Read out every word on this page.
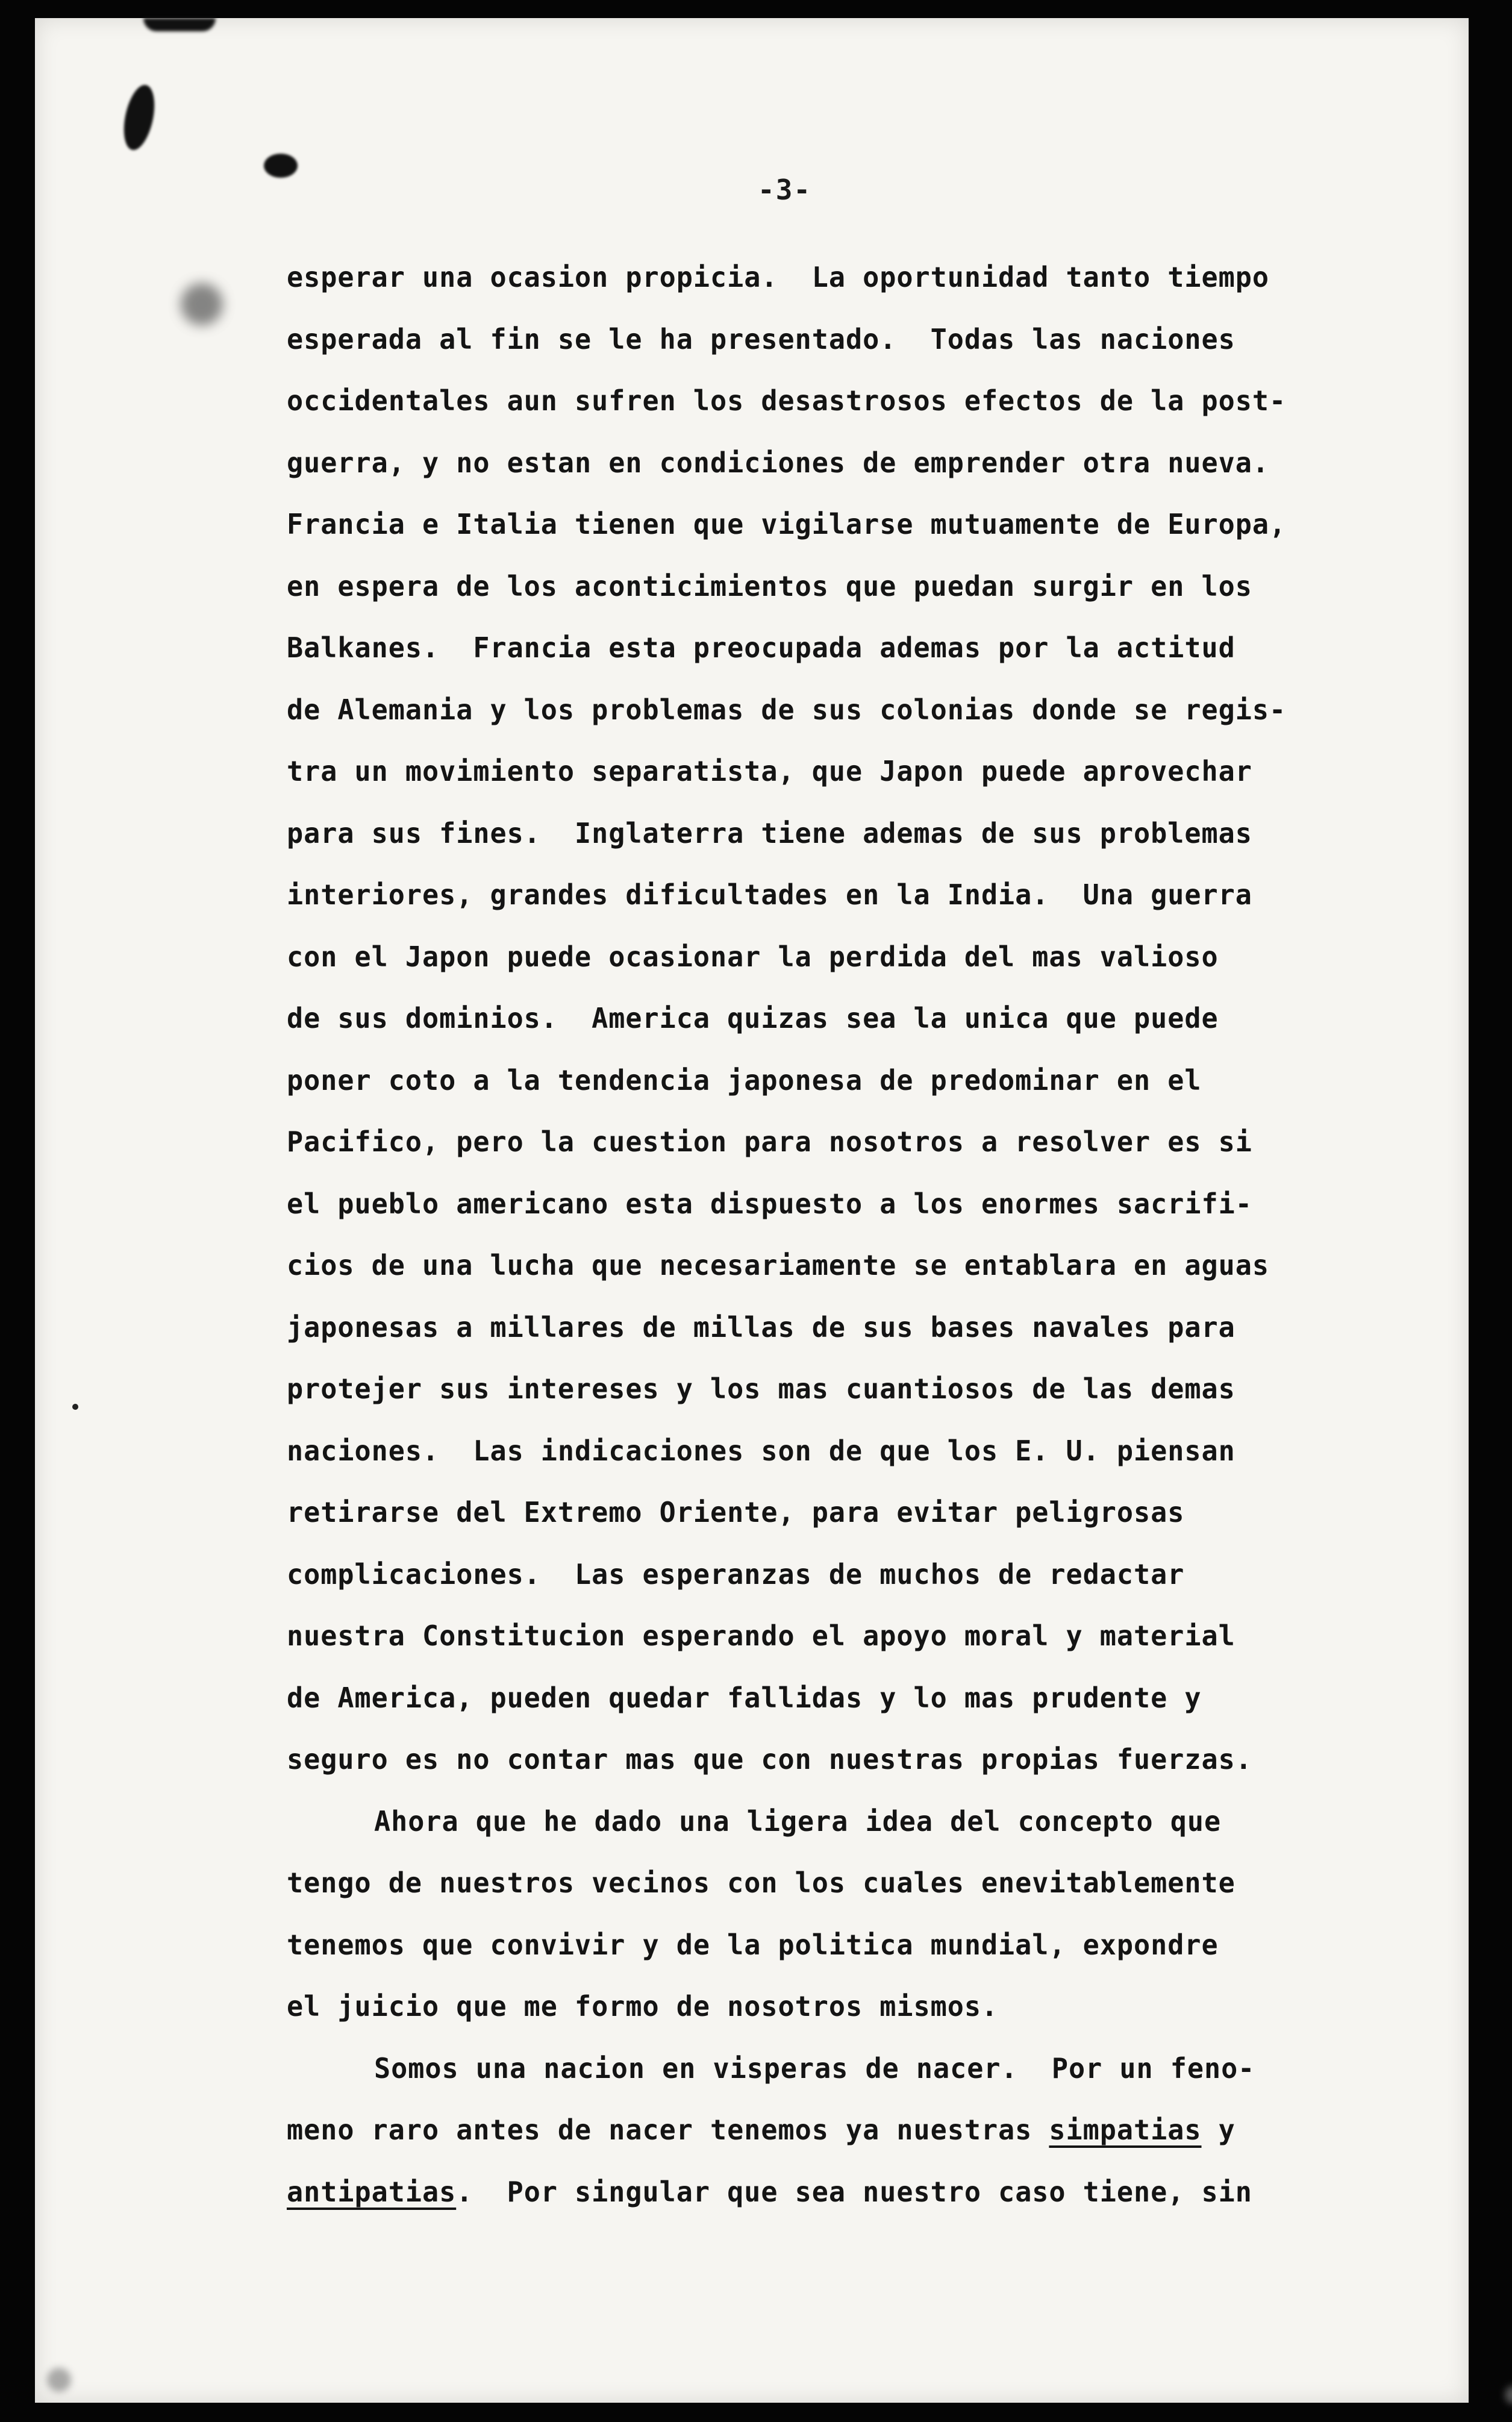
-3-
esperar una ocasion propicia.  La oportunidad tanto tiempo
esperada al fin se le ha presentado.  Todas las naciones
occidentales aun sufren los desastrosos efectos de la post-
guerra, y no estan en condiciones de emprender otra nueva.
Francia e Italia tienen que vigilarse mutuamente de Europa,
en espera de los aconticimientos que puedan surgir en los
Balkanes.  Francia esta preocupada ademas por la actitud
de Alemania y los problemas de sus colonias donde se regis-
tra un movimiento separatista, que Japon puede aprovechar
para sus fines.  Inglaterra tiene ademas de sus problemas
interiores, grandes dificultades en la India.  Una guerra
con el Japon puede ocasionar la perdida del mas valioso
de sus dominios.  America quizas sea la unica que puede
poner coto a la tendencia japonesa de predominar en el
Pacifico, pero la cuestion para nosotros a resolver es si
el pueblo americano esta dispuesto a los enormes sacrifi-
cios de una lucha que necesariamente se entablara en aguas
japonesas a millares de millas de sus bases navales para
protejer sus intereses y los mas cuantiosos de las demas
naciones.  Las indicaciones son de que los E. U. piensan
retirarse del Extremo Oriente, para evitar peligrosas
complicaciones.  Las esperanzas de muchos de redactar
nuestra Constitucion esperando el apoyo moral y material
de America, pueden quedar fallidas y lo mas prudente y
seguro es no contar mas que con nuestras propias fuerzas.
Ahora que he dado una ligera idea del concepto que
tengo de nuestros vecinos con los cuales enevitablemente
tenemos que convivir y de la politica mundial, expondre
el juicio que me formo de nosotros mismos.
Somos una nacion en visperas de nacer.  Por un feno-
meno raro antes de nacer tenemos ya nuestras simpatias y
antipatias.  Por singular que sea nuestro caso tiene, sin
